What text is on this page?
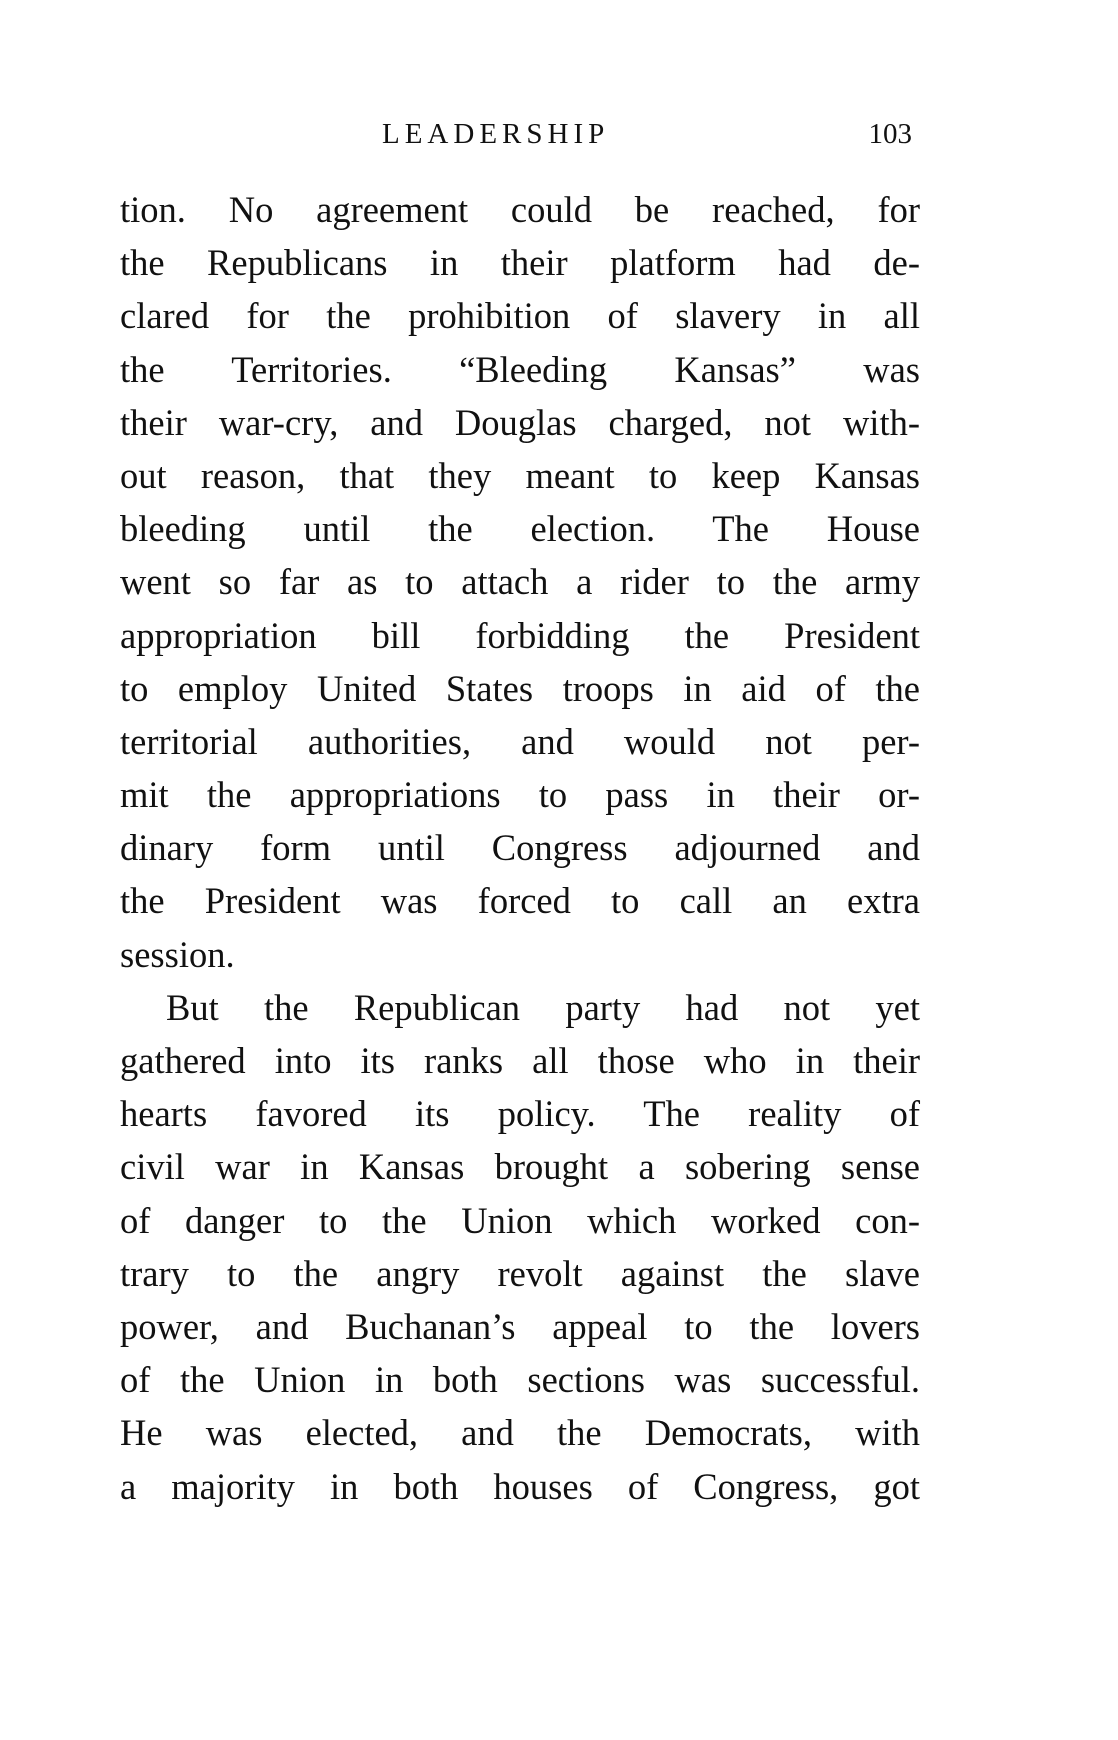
LEADERSHIP	103
tion. No agreement could be reached, for
the Republicans in their platform had de-
clared for the prohibition of slavery in all
the Territories. “Bleeding Kansas” was
their war-cry, and Douglas charged, not with-
out reason, that they meant to keep Kansas
bleeding until the election. The House
went so far as to attach a rider to the army
appropriation bill forbidding the President
to employ United States troops in aid of the
territorial authorities, and would not per-
mit the appropriations to pass in their or-
dinary form until Congress adjourned and
the President was forced to call an extra
session.
But the Republican party had not yet
gathered into its ranks all those who in their
hearts favored its policy. The reality of
civil war in Kansas brought a sobering sense
of danger to the Union which worked con-
trary to the angry revolt against the slave
power, and Buchanan’s appeal to the lovers
of the Union in both sections was successful.
He was elected, and the Democrats, with
a majority in both houses of Congress, got
